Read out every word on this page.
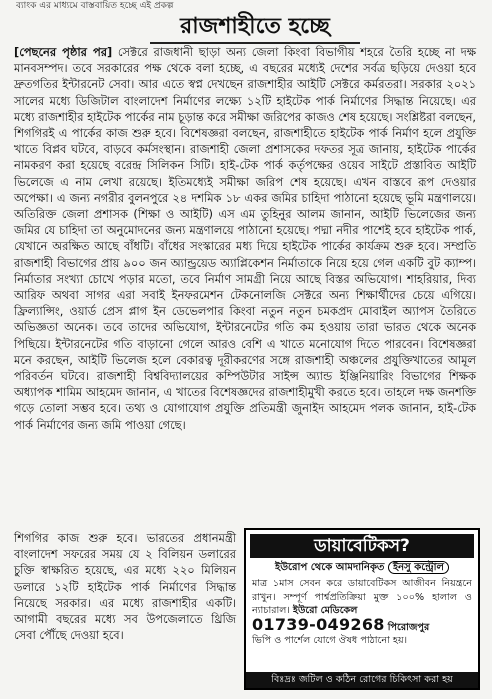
ব্যাংক এর মাধ্যমে বাস্তবায়িত হচ্ছে এই প্রকল্প
রাজশাহীতে হচ্ছে

[পেছনের পৃষ্ঠার পর] সেক্টরে রাজধানী ছাড়া অন্য জেলা কিংবা বিভাগীয় শহরে তৈরি হচ্ছে না দক্ষ মানবসম্পদ। তবে সরকারের পক্ষ থেকে বলা হচ্ছে, এ বছরের মধ্যেই দেশের সর্বত্র ছড়িয়ে দেওয়া হবে দ্রুতগতির ইন্টারনেট সেবা। আর এতে স্বপ্ন দেখছেন রাজশাহীর আইটি সেক্টরে কর্মরতরা। সরকার ২০২১ সালের মধ্যে ডিজিটাল বাংলাদেশ নির্মাণের লক্ষ্যে ১২টি হাইটেক পার্ক নির্মাণের সিদ্ধান্ত নিয়েছে। এর মধ্যে রাজশাহীর হাইটেক পার্কের নাম চূড়ান্ত করে সমীক্ষা জরিপের কাজও শেষ হয়েছে। সংশ্লিষ্টরা বলছেন, শিগগিরই এ পার্কের কাজ শুরু হবে। বিশেষজ্ঞরা বলছেন, রাজশাহীতে হাইটেক পার্ক নির্মাণ হলে প্রযুক্তি খাতে বিপ্লব ঘটবে, বাড়বে কর্মসংস্থান। রাজশাহী জেলা প্রশাসকের দফতর সূত্র জানায়, হাইটেক পার্কের নামকরণ করা হয়েছে বরেন্দ্র সিলিকন সিটি। হাই-টেক পার্ক কর্তৃপক্ষের ওয়েব সাইটে প্রস্তাবিত আইটি ভিলেজে এ নাম লেখা রয়েছে। ইতিমধ্যেই সমীক্ষা জরিপ শেষ হয়েছে। এখন বাস্তবে রূপ দেওয়ার অপেক্ষা। এ জন্য নগরীর বুলনপুরে ২৪ দশমিক ১৮ একর জমির চাহিদা পাঠানো হয়েছে ভূমি মন্ত্রণালয়ে। অতিরিক্ত জেলা প্রশাসক (শিক্ষা ও আইটি) এস এম তুহিনুর আলম জানান, আইটি ভিলেজের জন্য জমির যে চাহিদা তা অনুমোদনের জন্য মন্ত্রণালয়ে পাঠানো হয়েছে। পদ্মা নদীর পাশেই হবে হাইটেক পার্ক, যেখানে অরক্ষিত আছে বাঁধটি। বাঁধের সংস্কারের মধ্য দিয়ে হাইটেক পার্কের কার্যক্রম শুরু হবে। সম্প্রতি রাজশাহী বিভাগের প্রায় ৯০০ জন অ্যান্ড্রয়েড অ্যাপ্লিকেশন নির্মাতাকে নিয়ে হয়ে গেল একটি বুট ক্যাম্প। নির্মাতার সংখ্যা চোখে পড়ার মতো, তবে নির্মাণ সামগ্রী নিয়ে আছে বিস্তর অভিযোগ। শাহরিয়ার, দিব্য আরিফ অথবা সাগর এরা সবাই ইনফরমেশন টেকনোলজি সেক্টরে অন্য শিক্ষার্থীদের চেয়ে এগিয়ে। ফ্রিল্যান্সিং, ওয়ার্ড প্রেস প্লাগ ইন ডেভেলপার কিংবা নতুন নতুন চমকপ্রদ মোবাইল অ্যাপস তৈরিতে অভিজ্ঞতা অনেক। তবে তাদের অভিযোগ, ইন্টারনেটের গতি কম হওয়ায় তারা ভারত থেকে অনেক পিছিয়ে। ইন্টারনেটের গতি বাড়ানো গেলে আরও বেশি এ খাতে মনোযোগ দিতে পারবেন। বিশেষজ্ঞরা মনে করছেন, আইটি ভিলেজ হলে বেকারত্ব দূরীকরণের সঙ্গে রাজশাহী অঞ্চলের প্রযুক্তিখাতের আমূল পরিবর্তন ঘটবে। রাজশাহী বিশ্ববিদ্যালয়ের কম্পিউটার সাইন্স অ্যান্ড ইঞ্জিনিয়ারিং বিভাগের শিক্ষক অধ্যাপক শামিম আহমেদ জানান, এ খাতের বিশেষজ্ঞদের রাজশাহীমুখী করতে হবে। তাহলে দক্ষ জনশক্তি গড়ে তোলা সম্ভব হবে। তথ্য ও যোগাযোগ প্রযুক্তি প্রতিমন্ত্রী জুনাইদ আহমেদ পলক জানান, হাই-টেক পার্ক নির্মাণের জন্য জমি পাওয়া গেছে।

শিগগির কাজ শুরু হবে। ভারতের প্রধানমন্ত্রী বাংলাদেশ সফরের সময় যে ২ বিলিয়ন ডলারের চুক্তি স্বাক্ষরিত হয়েছে, এর মধ্যে ২২০ মিলিয়ন ডলারে ১২টি হাইটেক পার্ক নির্মাণের সিদ্ধান্ত নিয়েছে সরকার। এর মধ্যে রাজশাহীর একটি। আগামী বছরের মধ্যে সব উপজেলাতে থ্রিজি সেবা পৌঁছে দেওয়া হবে।

ডায়াবেটিকস?
ইউরোপ থেকে আমদানিকৃত ইনসু কন্ট্রোল
মাত্র ১মাস সেবন করে ডায়াবেটিকস আজীবন নিয়ন্ত্রনে রাখুন। সম্পূর্ণ পার্শ্বপ্রতিক্রিয়া মুক্ত ১০০% হালাল ও ন্যাচারাল। ইউরো মেডিকেল
01739-049268 পিরোজপুর
ভিপি ও পার্শেল যোগে ঔষধ পাঠানো হয়।
বিঃদ্রঃ জটিল ও কঠিন রোগের চিকিৎসা করা হয়
